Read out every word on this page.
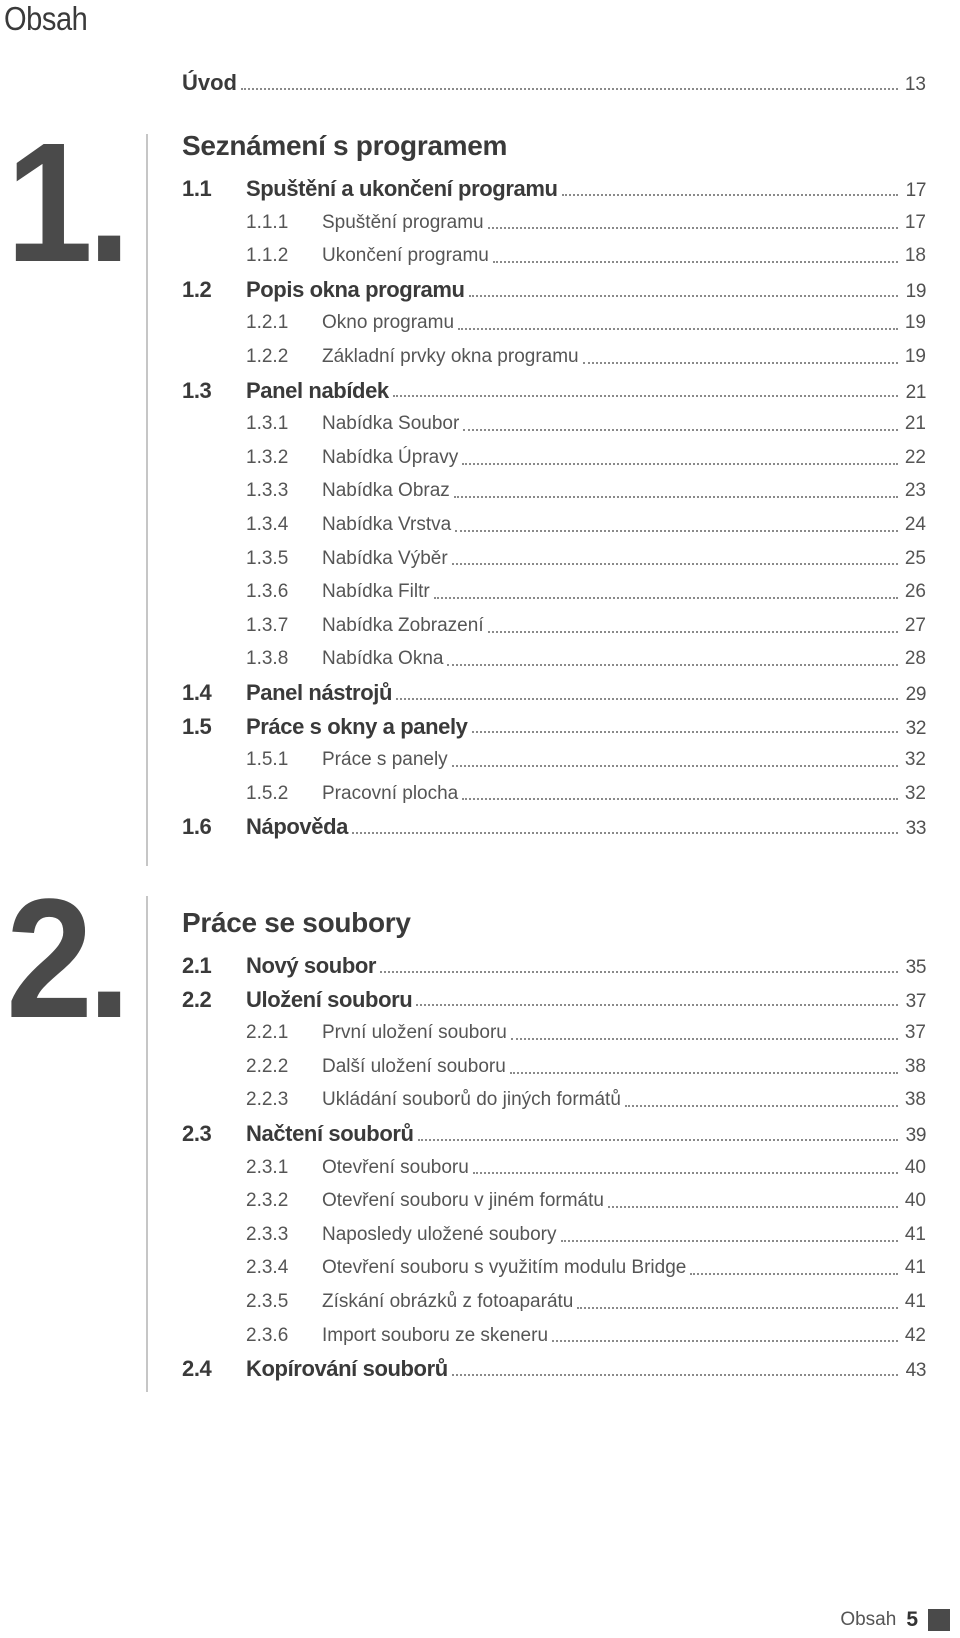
Obsah
Úvod	13
1. Seznámení s programem
1.1	Spuštění a ukončení programu	17
1.1.1	Spuštění programu	17
1.1.2	Ukončení programu	18
1.2	Popis okna programu	19
1.2.1	Okno programu	19
1.2.2	Základní prvky okna programu	19
1.3	Panel nabídek	21
1.3.1	Nabídka Soubor	21
1.3.2	Nabídka Úpravy	22
1.3.3	Nabídka Obraz	23
1.3.4	Nabídka Vrstva	24
1.3.5	Nabídka Výběr	25
1.3.6	Nabídka Filtr	26
1.3.7	Nabídka Zobrazení	27
1.3.8	Nabídka Okna	28
1.4	Panel nástrojů	29
1.5	Práce s okny a panely	32
1.5.1	Práce s panely	32
1.5.2	Pracovní plocha	32
1.6	Nápověda	33
2. Práce se soubory
2.1	Nový soubor	35
2.2	Uložení souboru	37
2.2.1	První uložení souboru	37
2.2.2	Další uložení souboru	38
2.2.3	Ukládání souborů do jiných formátů	38
2.3	Načtení souborů	39
2.3.1	Otevření souboru	40
2.3.2	Otevření souboru v jiném formátu	40
2.3.3	Naposledy uložené soubory	41
2.3.4	Otevření souboru s využitím modulu Bridge	41
2.3.5	Získání obrázků z fotoaparátu	41
2.3.6	Import souboru ze skeneru	42
2.4	Kopírování souborů	43
Obsah 5
